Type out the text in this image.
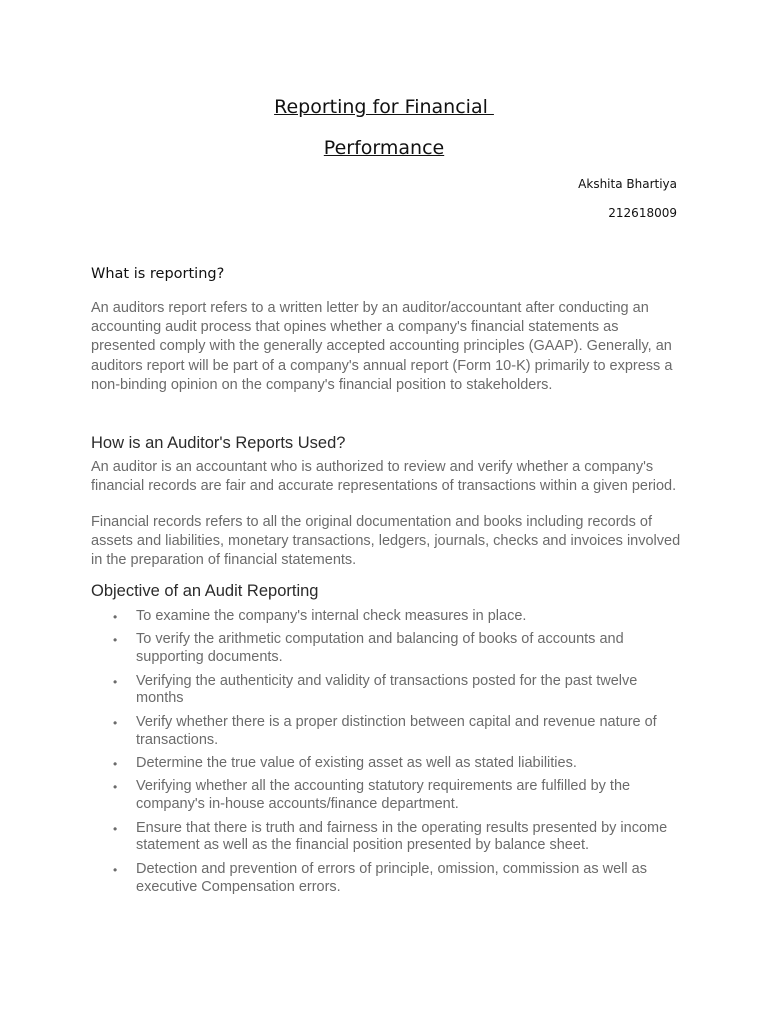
Reporting for Financial
Performance
Akshita Bhartiya
212618009
What is reporting?

An auditors report refers to a written letter by an auditor/accountant after conducting an accounting audit process that opines whether a company's financial statements as presented comply with the generally accepted accounting principles (GAAP). Generally, an auditors report will be part of a company's annual report (Form 10-K) primarily to express a non-binding opinion on the company's financial position to stakeholders.

How is an Auditor's Reports Used?

An auditor is an accountant who is authorized to review and verify whether a company's financial records are fair and accurate representations of transactions within a given period.

Financial records refers to all the original documentation and books including records of assets and liabilities, monetary transactions, ledgers, journals, checks and invoices involved in the preparation of financial statements.

Objective of an Audit Reporting
• To examine the company's internal check measures in place.
• To verify the arithmetic computation and balancing of books of accounts and supporting documents.
• Verifying the authenticity and validity of transactions posted for the past twelve months
• Verify whether there is a proper distinction between capital and revenue nature of transactions.
• Determine the true value of existing asset as well as stated liabilities.
• Verifying whether all the accounting statutory requirements are fulfilled by the company's in-house accounts/finance department.
• Ensure that there is truth and fairness in the operating results presented by income statement as well as the financial position presented by balance sheet.
• Detection and prevention of errors of principle, omission, commission as well as executive Compensation errors.
